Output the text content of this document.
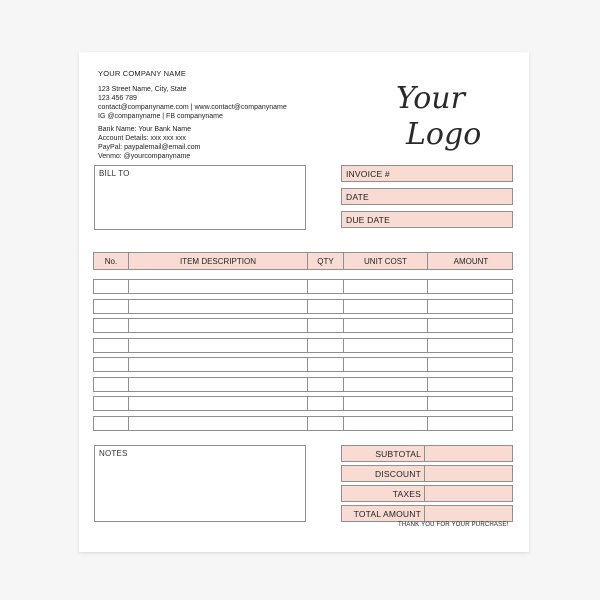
YOUR COMPANY NAME
123 Street Name, City, State
123 456 789
contact@companyname.com | www.contact@companyname
IG @companyname | FB companyname
Bank Name: Your Bank Name
Account Details: xxx xxx xxx
PayPal: paypalemail@email.com
Venmo: @yourcompanyname
Your
Logo
BILL TO	INVOICE #
DATE
DUE DATE
No.	ITEM DESCRIPTION	QTY	UNIT COST	AMOUNT
NOTES	SUBTOTAL
DISCOUNT
TAXES
TOTAL AMOUNT
THANK YOU FOR YOUR PURCHASE!
